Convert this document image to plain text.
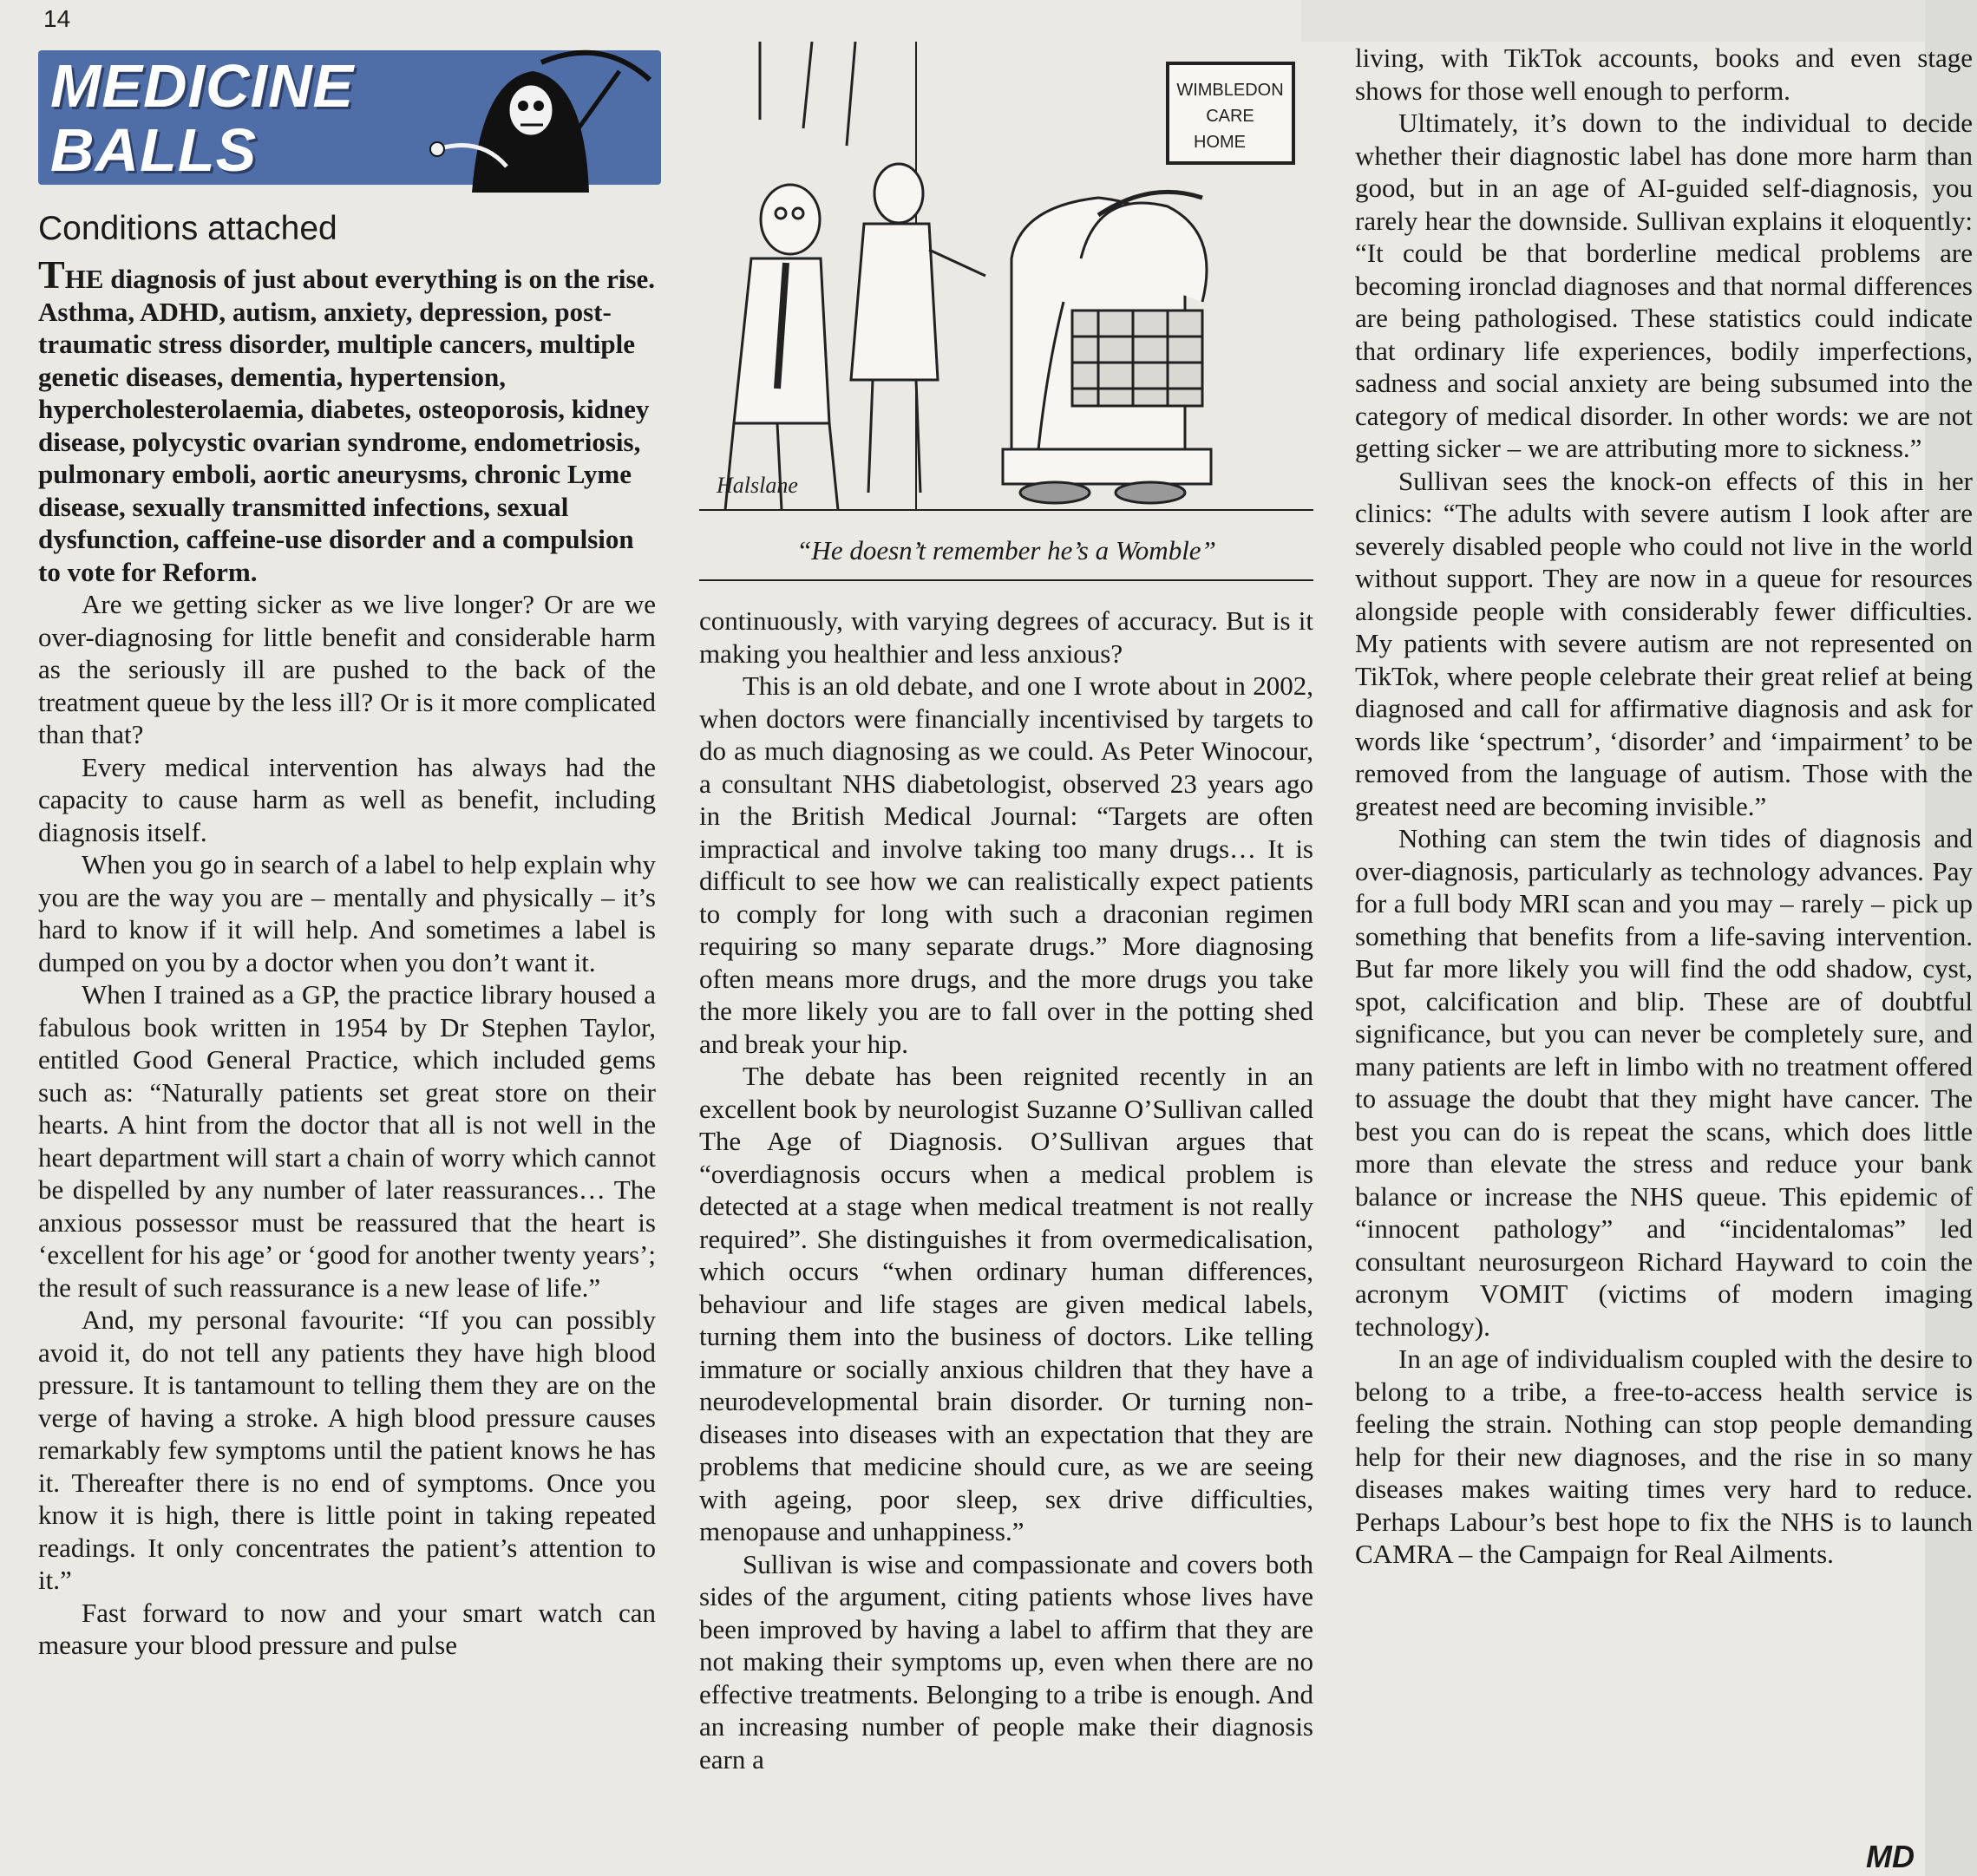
14
MEDICINE
BALLS
Conditions attached

THE diagnosis of just about everything is on the rise. Asthma, ADHD, autism, anxiety, depression, post-traumatic stress disorder, multiple cancers, multiple genetic diseases, dementia, hypertension, hypercholesterolaemia, diabetes, osteoporosis, kidney disease, polycystic ovarian syndrome, endometriosis, pulmonary emboli, aortic aneurysms, chronic Lyme disease, sexually transmitted infections, sexual dysfunction, caffeine-use disorder and a compulsion to vote for Reform.

Are we getting sicker as we live longer? Or are we over-diagnosing for little benefit and considerable harm as the seriously ill are pushed to the back of the treatment queue by the less ill? Or is it more complicated than that?

Every medical intervention has always had the capacity to cause harm as well as benefit, including diagnosis itself.

When you go in search of a label to help explain why you are the way you are – mentally and physically – it’s hard to know if it will help. And sometimes a label is dumped on you by a doctor when you don’t want it.

When I trained as a GP, the practice library housed a fabulous book written in 1954 by Dr Stephen Taylor, entitled Good General Practice, which included gems such as: “Naturally patients set great store on their hearts. A hint from the doctor that all is not well in the heart department will start a chain of worry which cannot be dispelled by any number of later reassurances… The anxious possessor must be reassured that the heart is ‘excellent for his age’ or ‘good for another twenty years’; the result of such reassurance is a new lease of life.”

And, my personal favourite: “If you can possibly avoid it, do not tell any patients they have high blood pressure. It is tantamount to telling them they are on the verge of having a stroke. A high blood pressure causes remarkably few symptoms until the patient knows he has it. Thereafter there is no end of symptoms. Once you know it is high, there is little point in taking repeated readings. It only concentrates the patient’s attention to it.”

Fast forward to now and your smart watch can measure your blood pressure and pulse

WIMBLEDON
CARE
HOME
Halslane
“He doesn’t remember he’s a Womble”

continuously, with varying degrees of accuracy. But is it making you healthier and less anxious?

This is an old debate, and one I wrote about in 2002, when doctors were financially incentivised by targets to do as much diagnosing as we could. As Peter Winocour, a consultant NHS diabetologist, observed 23 years ago in the British Medical Journal: “Targets are often impractical and involve taking too many drugs… It is difficult to see how we can realistically expect patients to comply for long with such a draconian regimen requiring so many separate drugs.” More diagnosing often means more drugs, and the more drugs you take the more likely you are to fall over in the potting shed and break your hip.

The debate has been reignited recently in an excellent book by neurologist Suzanne O’Sullivan called The Age of Diagnosis. O’Sullivan argues that “overdiagnosis occurs when a medical problem is detected at a stage when medical treatment is not really required”. She distinguishes it from overmedicalisation, which occurs “when ordinary human differences, behaviour and life stages are given medical labels, turning them into the business of doctors. Like telling immature or socially anxious children that they have a neurodevelopmental brain disorder. Or turning non-diseases into diseases with an expectation that they are problems that medicine should cure, as we are seeing with ageing, poor sleep, sex drive difficulties, menopause and unhappiness.”

Sullivan is wise and compassionate and covers both sides of the argument, citing patients whose lives have been improved by having a label to affirm that they are not making their symptoms up, even when there are no effective treatments. Belonging to a tribe is enough. And an increasing number of people make their diagnosis earn a

living, with TikTok accounts, books and even stage shows for those well enough to perform.

Ultimately, it’s down to the individual to decide whether their diagnostic label has done more harm than good, but in an age of AI-guided self-diagnosis, you rarely hear the downside. Sullivan explains it eloquently: “It could be that borderline medical problems are becoming ironclad diagnoses and that normal differences are being pathologised. These statistics could indicate that ordinary life experiences, bodily imperfections, sadness and social anxiety are being subsumed into the category of medical disorder. In other words: we are not getting sicker – we are attributing more to sickness.”

Sullivan sees the knock-on effects of this in her clinics: “The adults with severe autism I look after are severely disabled people who could not live in the world without support. They are now in a queue for resources alongside people with considerably fewer difficulties. My patients with severe autism are not represented on TikTok, where people celebrate their great relief at being diagnosed and call for affirmative diagnosis and ask for words like ‘spectrum’, ‘disorder’ and ‘impairment’ to be removed from the language of autism. Those with the greatest need are becoming invisible.”

Nothing can stem the twin tides of diagnosis and over-diagnosis, particularly as technology advances. Pay for a full body MRI scan and you may – rarely – pick up something that benefits from a life-saving intervention. But far more likely you will find the odd shadow, cyst, spot, calcification and blip. These are of doubtful significance, but you can never be completely sure, and many patients are left in limbo with no treatment offered to assuage the doubt that they might have cancer. The best you can do is repeat the scans, which does little more than elevate the stress and reduce your bank balance or increase the NHS queue. This epidemic of “innocent pathology” and “incidentalomas” led consultant neurosurgeon Richard Hayward to coin the acronym VOMIT (victims of modern imaging technology).

In an age of individualism coupled with the desire to belong to a tribe, a free-to-access health service is feeling the strain. Nothing can stop people demanding help for their new diagnoses, and the rise in so many diseases makes waiting times very hard to reduce. Perhaps Labour’s best hope to fix the NHS is to launch CAMRA – the Campaign for Real Ailments.

MD
